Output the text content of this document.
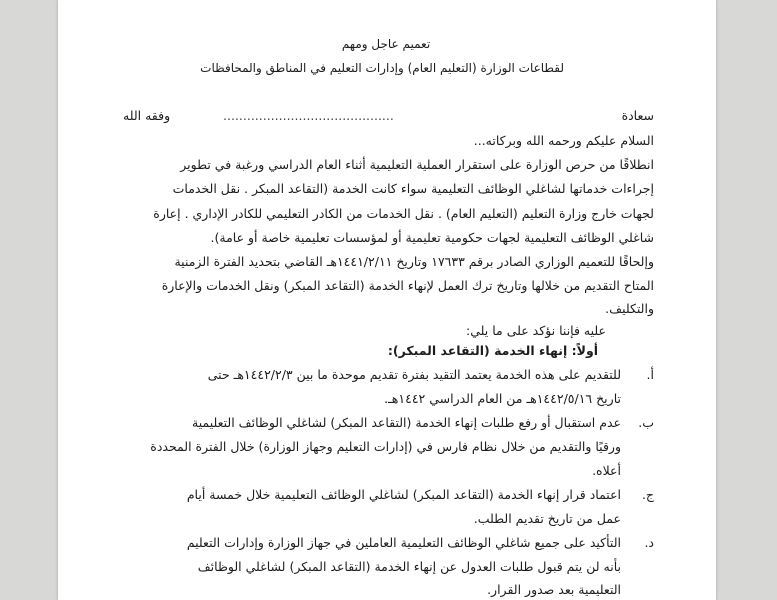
تعميم عاجل ومهم
لقطاعات الوزارة (التعليم العام) وإدارات التعليم في المناطق والمحافظات
سعادة
...........................................
وفقه الله
السلام عليكم ورحمه الله وبركاته...
انطلاقًا من حرص الوزارة على استقرار العملية التعليمية أثناء العام الدراسي ورغبة في تطوير
إجراءات خدماتها لشاغلي الوظائف التعليمية سواء كانت الخدمة (التقاعد المبكر . نقل الخدمات
لجهات خارج وزارة التعليم (التعليم العام) . نقل الخدمات من الكادر التعليمي للكادر الإداري . إعارة
شاغلي الوظائف التعليمية لجهات حكومية تعليمية أو لمؤسسات تعليمية خاصة أو عامة).
وإلحاقًا للتعميم الوزاري الصادر برقم ١٧٦٣٣ وتاريخ ١٤٤١/٢/١١هـ القاضي بتحديد الفترة الزمنية
المتاح التقديم من خلالها وتاريخ ترك العمل لإنهاء الخدمة (التقاعد المبكر) ونقل الخدمات والإعارة
والتكليف.
عليه فإننا نؤكد على ما يلي:
أولاً: إنهاء الخدمة (التقاعد المبكر):
أ.
للتقديم على هذه الخدمة يعتمد التقيد بفترة تقديم موحدة ما بين ١٤٤٢/٢/٣هـ حتى
تاريخ ١٤٤٢/٥/١٦هـ من العام الدراسي ١٤٤٢هـ.
ب.
عدم استقبال أو رفع طلبات إنهاء الخدمة (التقاعد المبكر) لشاغلي الوظائف التعليمية
ورقيًا والتقديم من خلال نظام فارس في (إدارات التعليم وجهاز الوزارة) خلال الفترة المحددة
أعلاه.
ج.
اعتماد قرار إنهاء الخدمة (التقاعد المبكر) لشاغلي الوظائف التعليمية خلال خمسة أيام
عمل من تاريخ تقديم الطلب.
د.
التأكيد على جميع شاغلي الوظائف التعليمية العاملين في جهاز الوزارة وإدارات التعليم
بأنه لن يتم قبول طلبات العدول عن إنهاء الخدمة (التقاعد المبكر) لشاغلي الوظائف
التعليمية بعد صدور القرار.
